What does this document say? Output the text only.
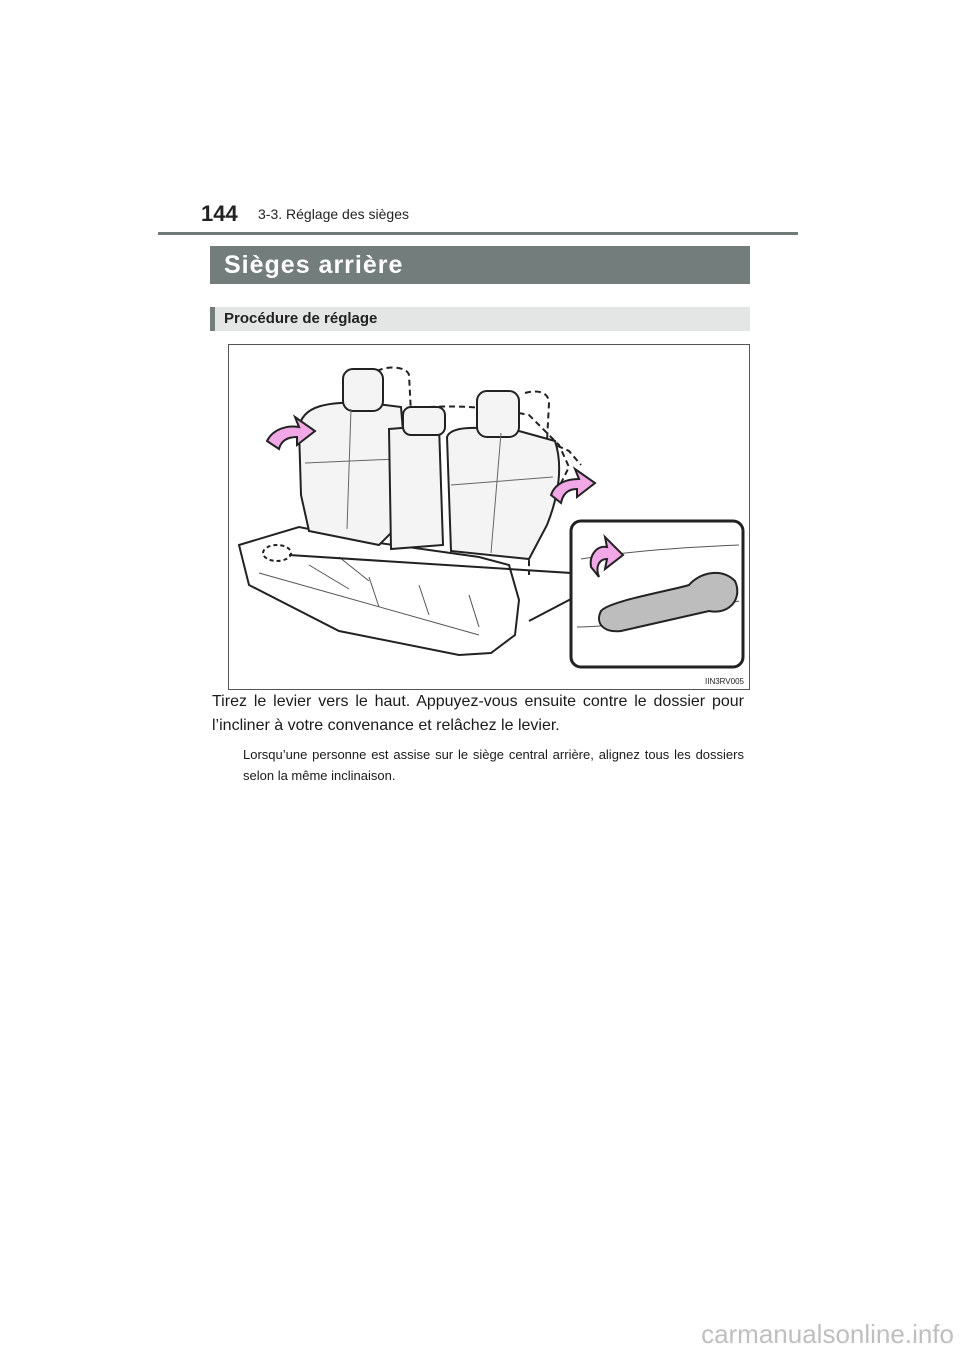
144 3-3. Réglage des sièges
Sièges arrière
Procédure de réglage
IIN3RV005
Tirez le levier vers le haut. Appuyez-vous ensuite contre le dossier pour l’incliner à votre convenance et relâchez le levier.
Lorsqu’une personne est assise sur le siège central arrière, alignez tous les dossiers selon la même inclinaison.
carmanualsonline.info
